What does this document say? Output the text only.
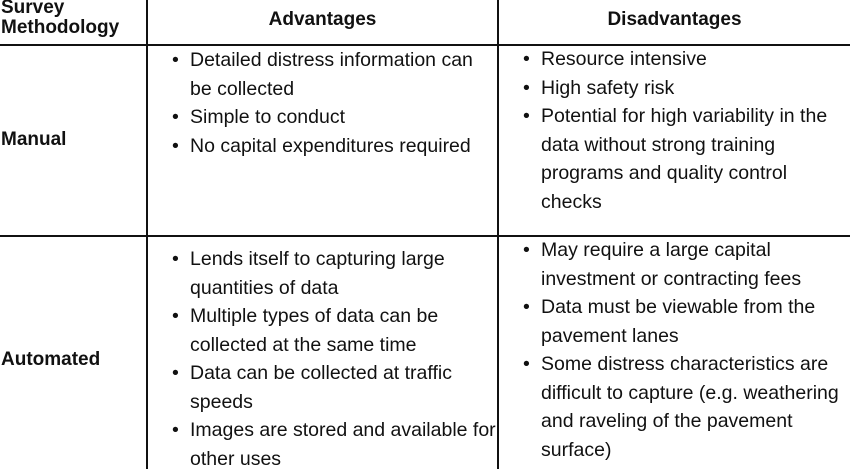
Survey Methodology	Advantages	Disadvantages
Manual
Automated
• Detailed distress information can be collected
• Simple to conduct
• No capital expenditures required
• Resource intensive
• High safety risk
• Potential for high variability in the data without strong training programs and quality control checks
• Lends itself to capturing large quantities of data
• Multiple types of data can be collected at the same time
• Data can be collected at traffic speeds
• Images are stored and available for other uses
• May require a large capital investment or contracting fees
• Data must be viewable from the pavement lanes
• Some distress characteristics are difficult to capture (e.g. weathering and raveling of the pavement surface)
